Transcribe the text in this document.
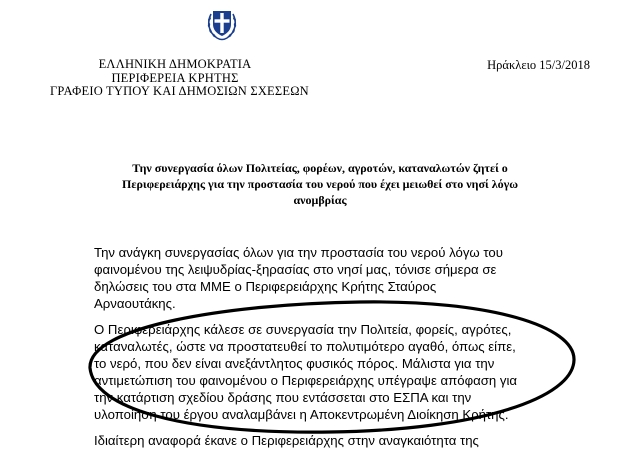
ΕΛΛΗΝΙΚΗ ΔΗΜΟΚΡΑΤΙΑ
ΠΕΡΙΦΕΡΕΙΑ ΚΡΗΤΗΣ
ΓΡΑΦΕΙΟ ΤΥΠΟΥ ΚΑΙ ΔΗΜΟΣΙΩΝ ΣΧΕΣΕΩΝ
Ηράκλειο 15/3/2018
Την συνεργασία όλων Πολιτείας, φορέων, αγροτών, καταναλωτών ζητεί ο
Περιφερειάρχης για την προστασία του νερού που έχει μειωθεί στο νησί λόγω
ανομβρίας
Την ανάγκη συνεργασίας όλων για την προστασία του νερού λόγω του
φαινομένου της λειψυδρίας-ξηρασίας στο νησί μας, τόνισε σήμερα σε
δηλώσεις του στα ΜΜΕ ο Περιφερειάρχης Κρήτης Σταύρος
Αρναουτάκης.
Ο Περιφερειάρχης κάλεσε σε συνεργασία την Πολιτεία, φορείς, αγρότες,
καταναλωτές, ώστε να προστατευθεί το πολυτιμότερο αγαθό, όπως είπε,
το νερό, που δεν είναι ανεξάντλητος φυσικός πόρος. Μάλιστα για την
αντιμετώπιση του φαινομένου ο Περιφερειάρχης υπέγραψε απόφαση για
την κατάρτιση σχεδίου δράσης που εντάσσεται στο ΕΣΠΑ και την
υλοποίηση του έργου αναλαμβάνει η Αποκεντρωμένη Διοίκηση Κρήτης.
Ιδιαίτερη αναφορά έκανε ο Περιφερειάρχης στην αναγκαιότητα της
